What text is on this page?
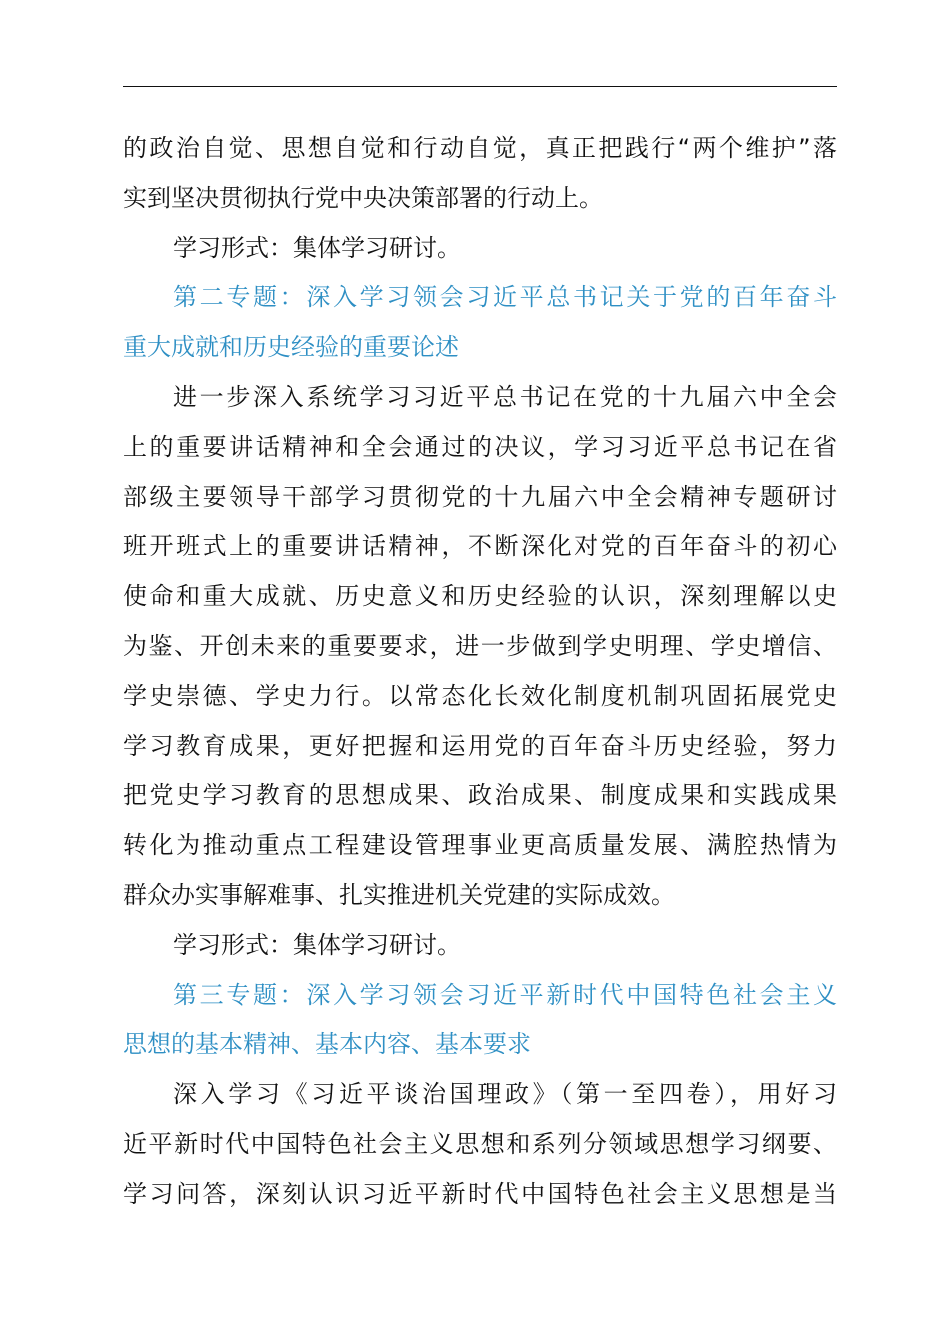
的政治自觉、思想自觉和行动自觉，真正把践行“两个维护”落
实到坚决贯彻执行党中央决策部署的行动上。
学习形式：集体学习研讨。
第二专题：深入学习领会习近平总书记关于党的百年奋斗
重大成就和历史经验的重要论述
进一步深入系统学习习近平总书记在党的十九届六中全会
上的重要讲话精神和全会通过的决议，学习习近平总书记在省
部级主要领导干部学习贯彻党的十九届六中全会精神专题研讨
班开班式上的重要讲话精神，不断深化对党的百年奋斗的初心
使命和重大成就、历史意义和历史经验的认识，深刻理解以史
为鉴、开创未来的重要要求，进一步做到学史明理、学史增信、
学史崇德、学史力行。以常态化长效化制度机制巩固拓展党史
学习教育成果，更好把握和运用党的百年奋斗历史经验，努力
把党史学习教育的思想成果、政治成果、制度成果和实践成果
转化为推动重点工程建设管理事业更高质量发展、满腔热情为
群众办实事解难事、扎实推进机关党建的实际成效。
学习形式：集体学习研讨。
第三专题：深入学习领会习近平新时代中国特色社会主义
思想的基本精神、基本内容、基本要求
深入学习《习近平谈治国理政》（第一至四卷），用好习
近平新时代中国特色社会主义思想和系列分领域思想学习纲要、
学习问答，深刻认识习近平新时代中国特色社会主义思想是当
